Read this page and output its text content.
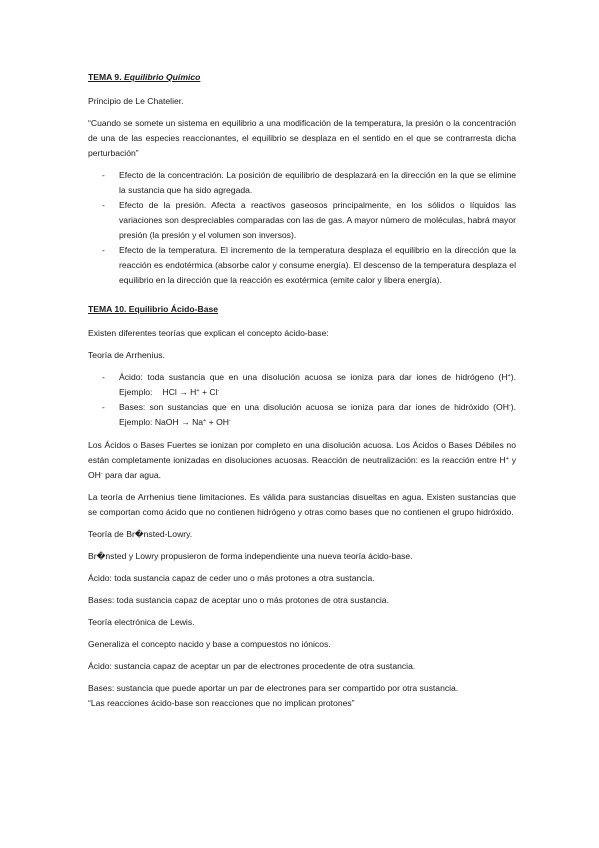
TEMA 9. Equilibrio Químico

Principio de Le Chatelier.

“Cuando se somete un sistema en equilibrio a una modificación de la temperatura, la presión o la concentración de una de las especies reaccionantes, el equilibrio se desplaza en el sentido en el que se contrarresta dicha perturbación”

- Efecto de la concentración. La posición de equilibrio de desplazará en la dirección en la que se elimine la sustancia que ha sido agregada.
- Efecto de la presión. Afecta a reactivos gaseosos principalmente, en los sólidos o líquidos las variaciones son despreciables comparadas con las de gas. A mayor número de moléculas, habrá mayor presión (la presión y el volumen son inversos).
- Efecto de la temperatura. El incremento de la temperatura desplaza el equilibrio en la dirección que la reacción es endotérmica (absorbe calor y consume energía). El descenso de la temperatura desplaza el equilibrio en la dirección que la reacción es exotérmica (emite calor y libera energía).

TEMA 10. Equilibrio Ácido-Base

Existen diferentes teorías que explican el concepto ácido-base:

Teoría de Arrhenius.

- Ácido: toda sustancia que en una disolución acuosa se ioniza para dar iones de hidrógeno (H+). Ejemplo: HCl → H+ + Cl-
- Bases: son sustancias que en una disolución acuosa se ioniza para dar iones de hidróxido (OH-). Ejemplo: NaOH → Na+ + OH-

Los Ácidos o Bases Fuertes se ionizan por completo en una disolución acuosa. Los Ácidos o Bases Débiles no están completamente ionizadas en disoluciones acuosas. Reacción de neutralización: es la reacción entre H+ y OH- para dar agua.

La teoría de Arrhenius tiene limitaciones. Es válida para sustancias disueltas en agua. Existen sustancias que se comportan como ácido que no contienen hidrógeno y otras como bases que no contienen el grupo hidróxido.

Teoría de Br�nsted-Lowry.

Br�nsted y Lowry propusieron de forma independiente una nueva teoría ácido-base.

Ácido: toda sustancia capaz de ceder uno o más protones a otra sustancia.

Bases: toda sustancia capaz de aceptar uno o más protones de otra sustancia.

Teoría electrónica de Lewis.

Generaliza el concepto nacido y base a compuestos no iónicos.

Ácido: sustancia capaz de aceptar un par de electrones procedente de otra sustancia.

Bases: sustancia que puede aportar un par de electrones para ser compartido por otra sustancia.

“Las reacciones ácido-base son reacciones que no implican protones”
